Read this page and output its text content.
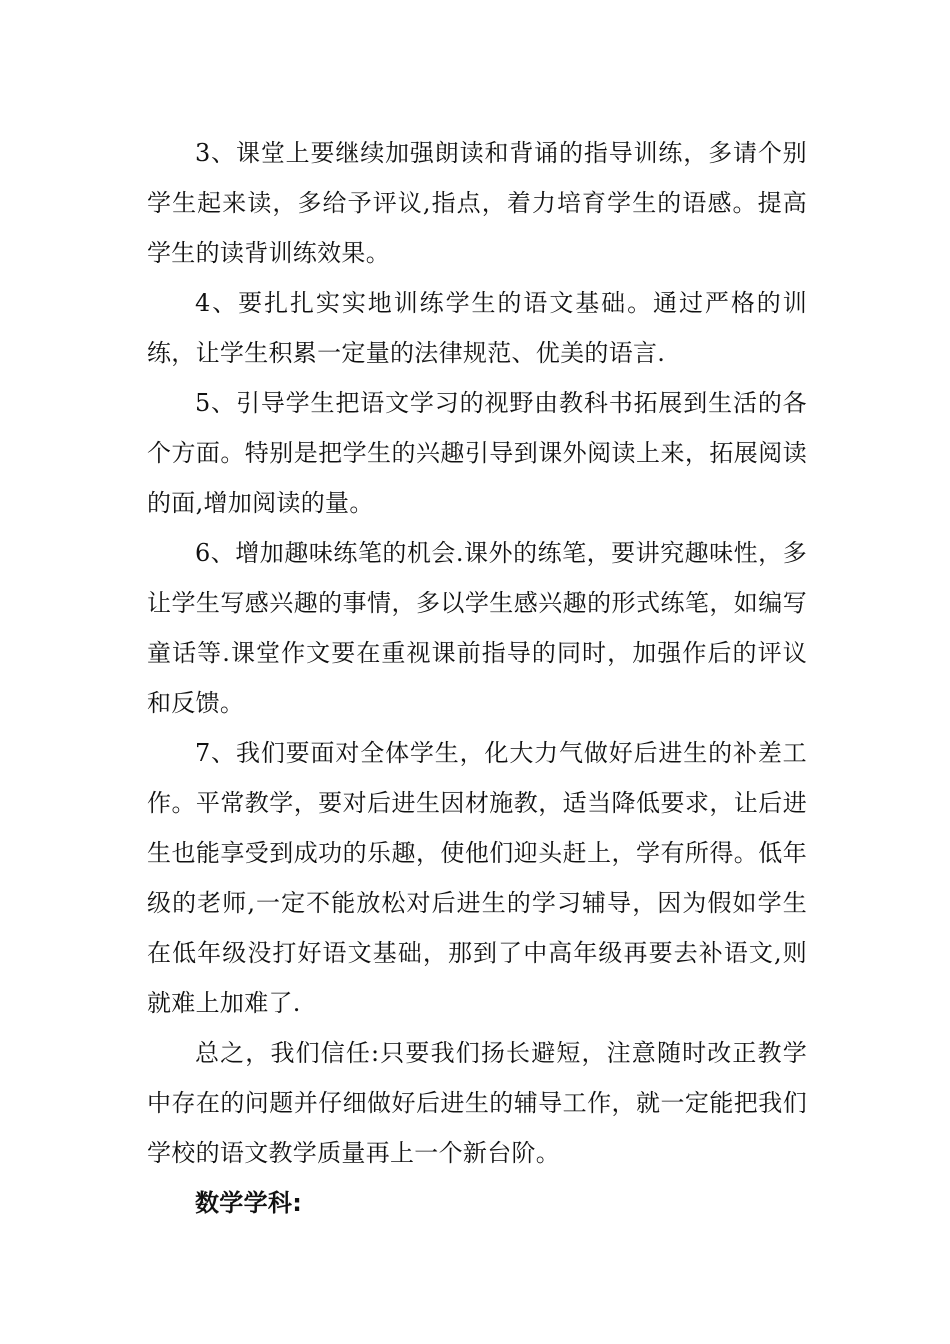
3、课堂上要继续加强朗读和背诵的指导训练，多请个别学生起来读，多给予评议,指点，着力培育学生的语感。提高学生的读背训练效果。

4、要扎扎实实地训练学生的语文基础。通过严格的训练，让学生积累一定量的法律规范、优美的语言.

5、引导学生把语文学习的视野由教科书拓展到生活的各个方面。特别是把学生的兴趣引导到课外阅读上来，拓展阅读的面,增加阅读的量。

6、增加趣味练笔的机会.课外的练笔，要讲究趣味性，多让学生写感兴趣的事情，多以学生感兴趣的形式练笔，如编写童话等.课堂作文要在重视课前指导的同时，加强作后的评议和反馈。

7、我们要面对全体学生，化大力气做好后进生的补差工作。平常教学，要对后进生因材施教，适当降低要求，让后进生也能享受到成功的乐趣，使他们迎头赶上，学有所得。低年级的老师,一定不能放松对后进生的学习辅导，因为假如学生在低年级没打好语文基础，那到了中高年级再要去补语文,则就难上加难了.

总之，我们信任:只要我们扬长避短，注意随时改正教学中存在的问题并仔细做好后进生的辅导工作，就一定能把我们学校的语文教学质量再上一个新台阶。

数学学科:
